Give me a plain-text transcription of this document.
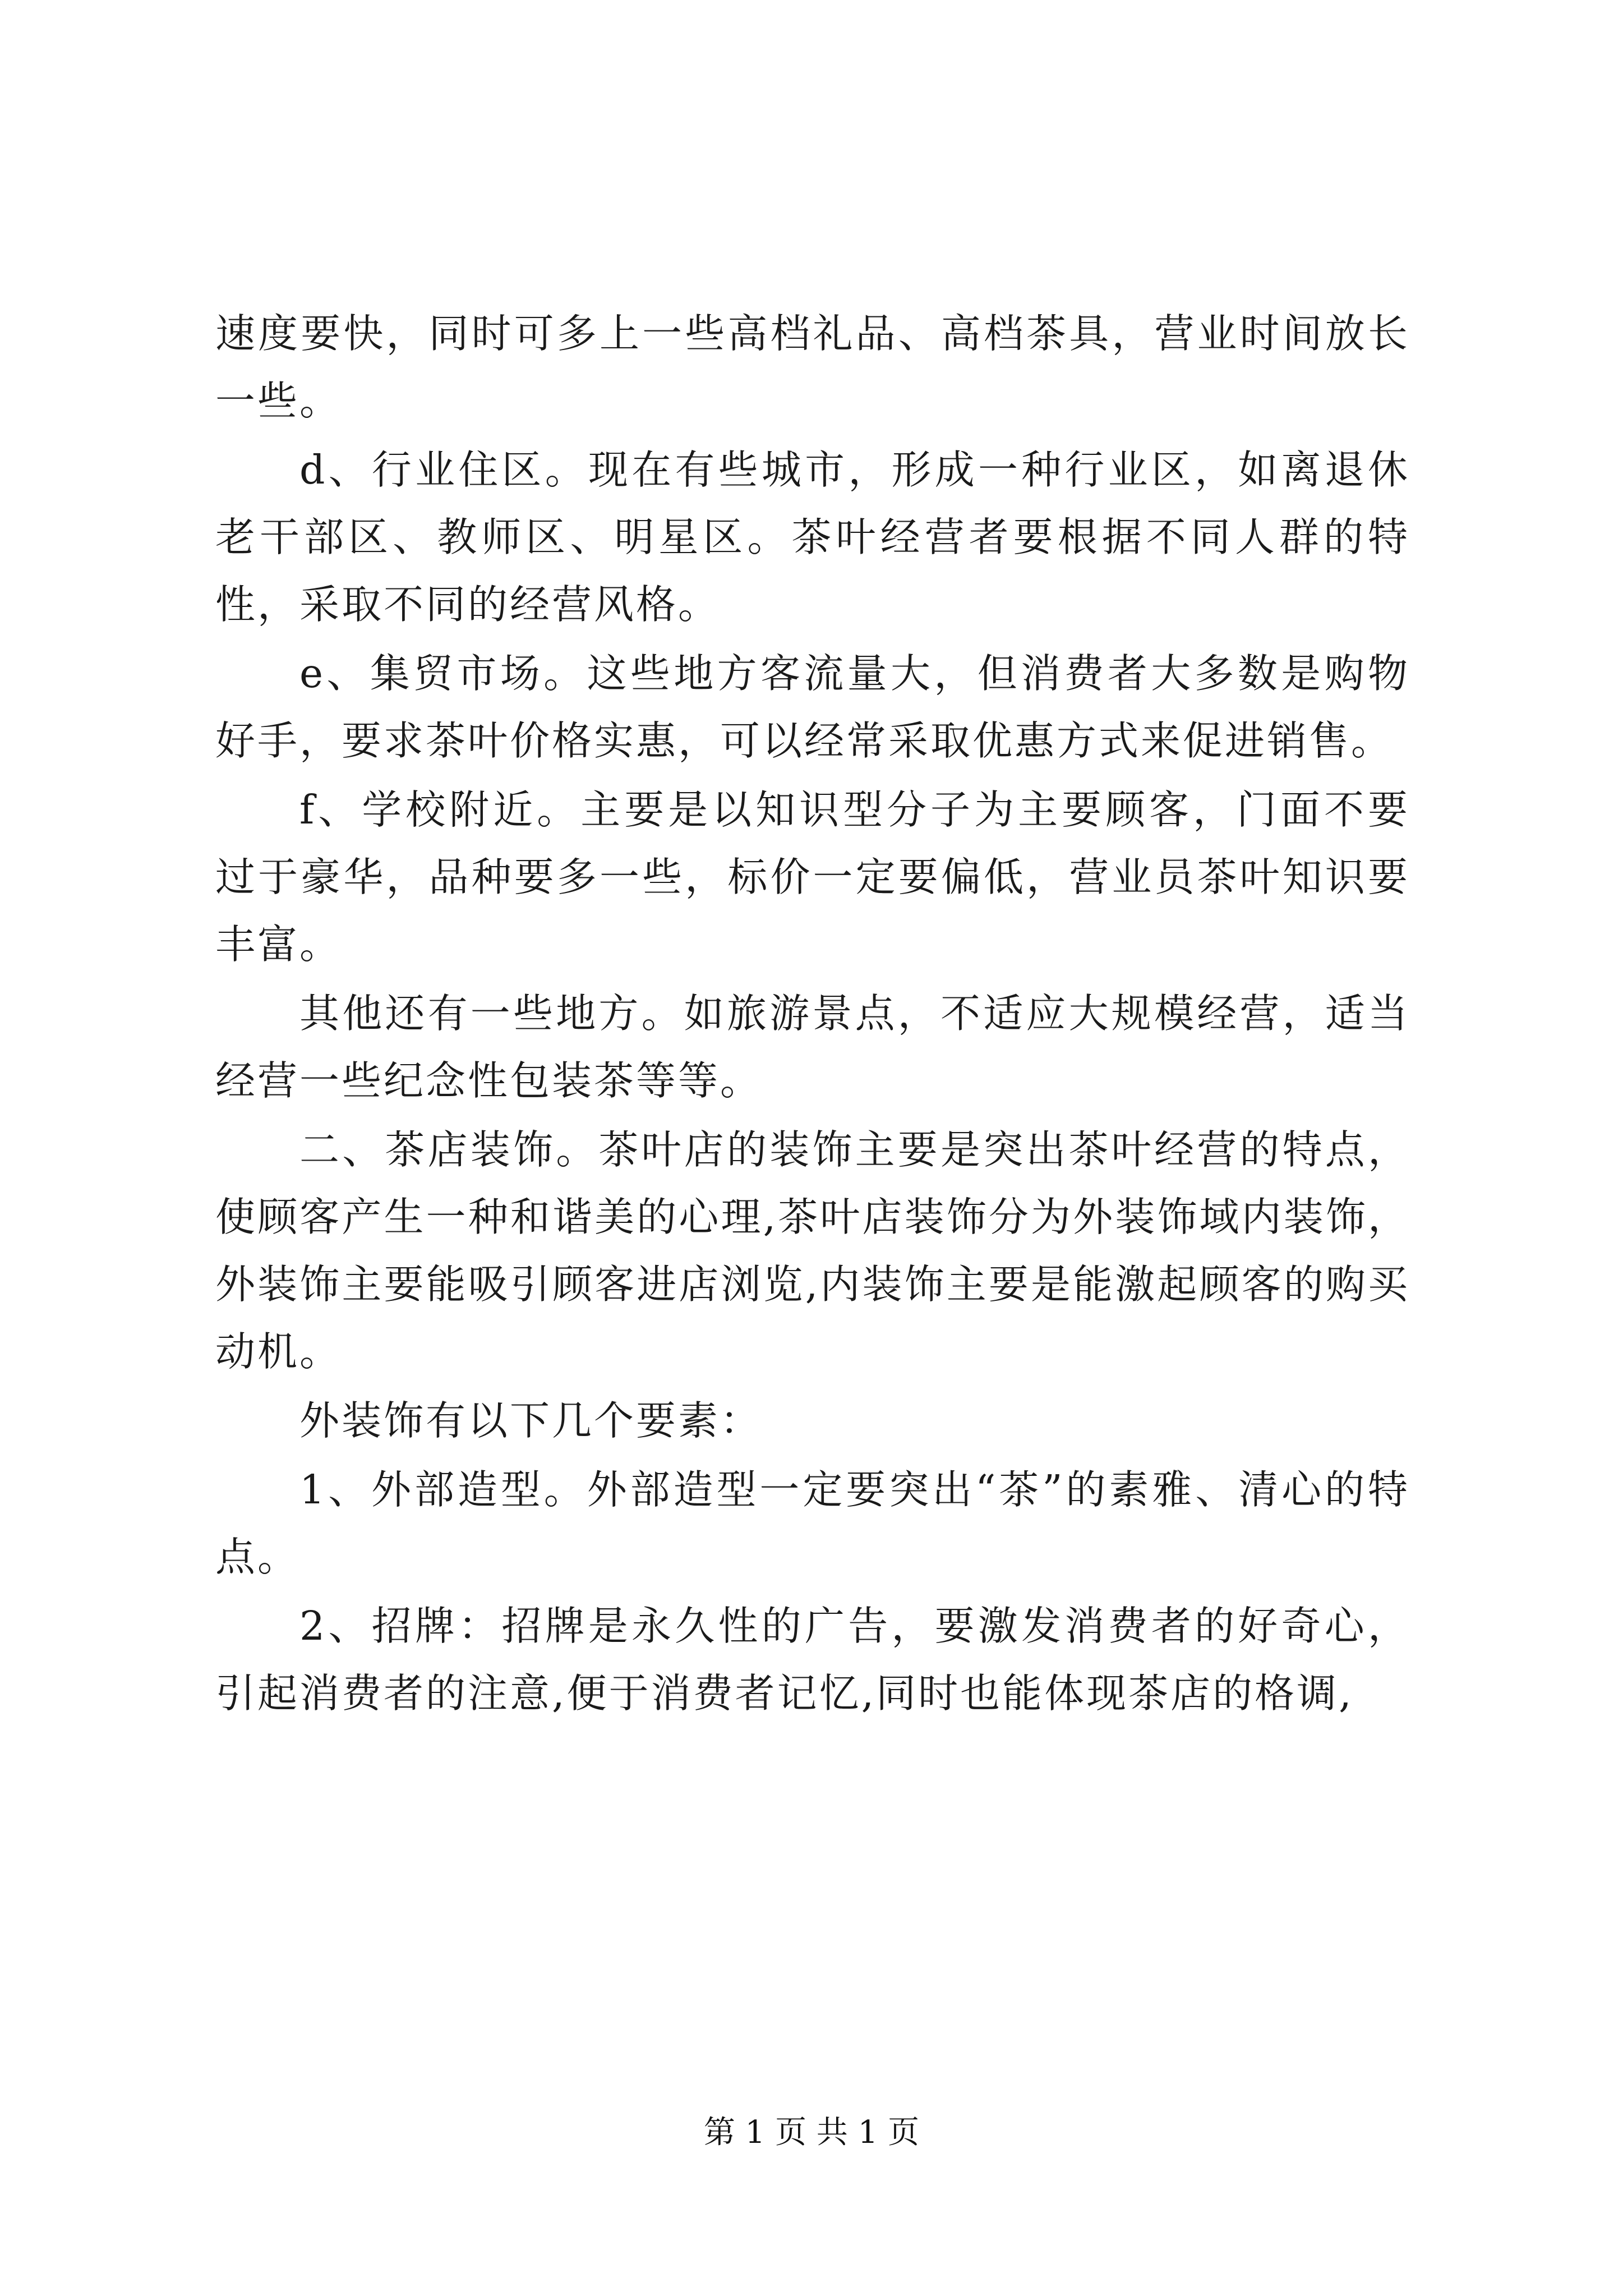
速度要快，同时可多上一些高档礼品、高档茶具，营业时间放长一些。

d、行业住区。现在有些城市，形成一种行业区，如离退休老干部区、教师区、明星区。茶叶经营者要根据不同人群的特性，采取不同的经营风格。

e、集贸市场。这些地方客流量大，但消费者大多数是购物好手，要求茶叶价格实惠，可以经常采取优惠方式来促进销售。

f、学校附近。主要是以知识型分子为主要顾客，门面不要过于豪华，品种要多一些，标价一定要偏低，营业员茶叶知识要丰富。

其他还有一些地方。如旅游景点，不适应大规模经营，适当经营一些纪念性包装茶等等。

二、茶店装饰。茶叶店的装饰主要是突出茶叶经营的特点，使顾客产生一种和谐美的心理,茶叶店装饰分为外装饰域内装饰，外装饰主要能吸引顾客进店浏览,内装饰主要是能激起顾客的购买动机。

外装饰有以下几个要素：

1、外部造型。外部造型一定要突出“茶”的素雅、清心的特点。

2、招牌：招牌是永久性的广告，要激发消费者的好奇心，引起消费者的注意,便于消费者记忆,同时也能体现茶店的格调,

第 1 页 共 1 页
